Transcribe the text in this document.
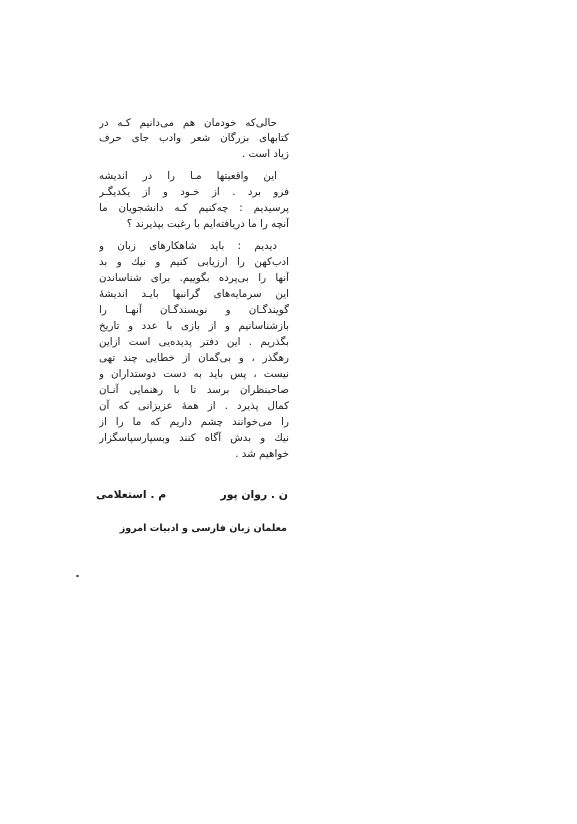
حالی‌که خودمان هم می‌دانیم کـه در
کتابهای بزرگان شعر وادب جای حرف
زیاد است .
این واقعیتها مـا را در اندیشه
فرو برد . از خـود و از یکدیگـر
پرسیدیم : چه‌کنیم کـه دانشجویان ما
آنچه را ما دریافته‌ایم با رغبت بپذیرند ؟
دیدیم : باید شاهکارهای زبان و
ادب‌کهن را ارزیابی کنیم و نیك و بد
آنها را بی‌پرده بگوییم. برای شناساندن
این سرمایه‌های گرانبها بایـد اندیشهٔ
گویندگـان و نویسندگـان آنهـا را
بازشناسانیم و از بازی با عدد و تاریخ
بگذریم . این دفتر پدیده‌یی است ازاین
رهگذر ، و بی‌گمان از خطایی چند تهی
نیست ، پس باید به دست دوستداران و
صاحبنظران برسد تا با رهنمایی آنـان
کمال پذیرد . از همهٔ عزیزانی که آن
را می‌خوانند چشم داریم که ما را از
نیك و بدش آگاه کنند وبسپارسپاسگزار
خواهیم شد .
ن . روان پور
م . استعلامی
معلمان زبان فارسی و ادبیات امروز
